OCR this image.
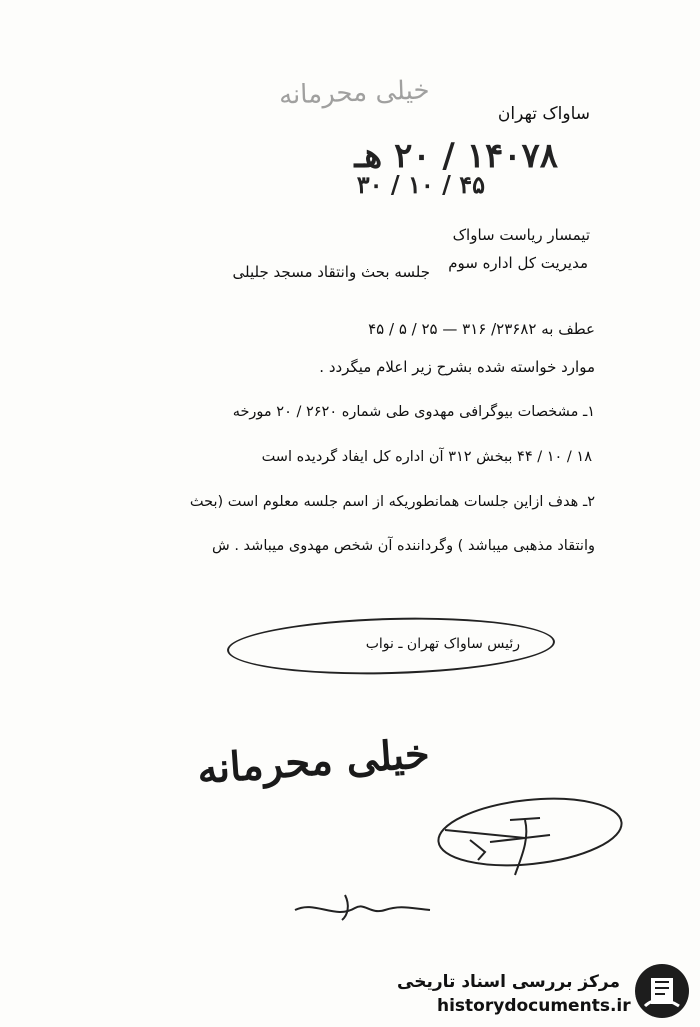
خیلی محرمانه
ساواک تهران
۱۴۰۷۸ / ۲۰ هـ
۳۰ / ۱۰ / ۴۵
تیمسار ریاست ساواک
مدیریت کل اداره سوم
جلسه بحث وانتقاد مسجد جلیلی
عطف به ۲۳۶۸۲/ ۳۱۶ — ۲۵ / ۵ / ۴۵
موارد خواسته شده بشرح زیر اعلام میگردد .
۱ـ مشخصات بیوگرافی مهدوی طی شماره ۲۶۲۰ / ۲۰ مورخه
۱۸ / ۱۰ / ۴۴ ببخش ۳۱۲ آن اداره کل ایفاد گردیده است
۲ـ هدف ازاین جلسات همانطوریکه از اسم جلسه معلوم است (بحث
وانتقاد مذهبی میباشد ) وگرداننده آن شخص مهدوی میباشد . ش
رئیس ساواک تهران ـ نواب
خیلی محرمانه
مرکز بررسی اسناد تاریخی
historydocuments.ir
